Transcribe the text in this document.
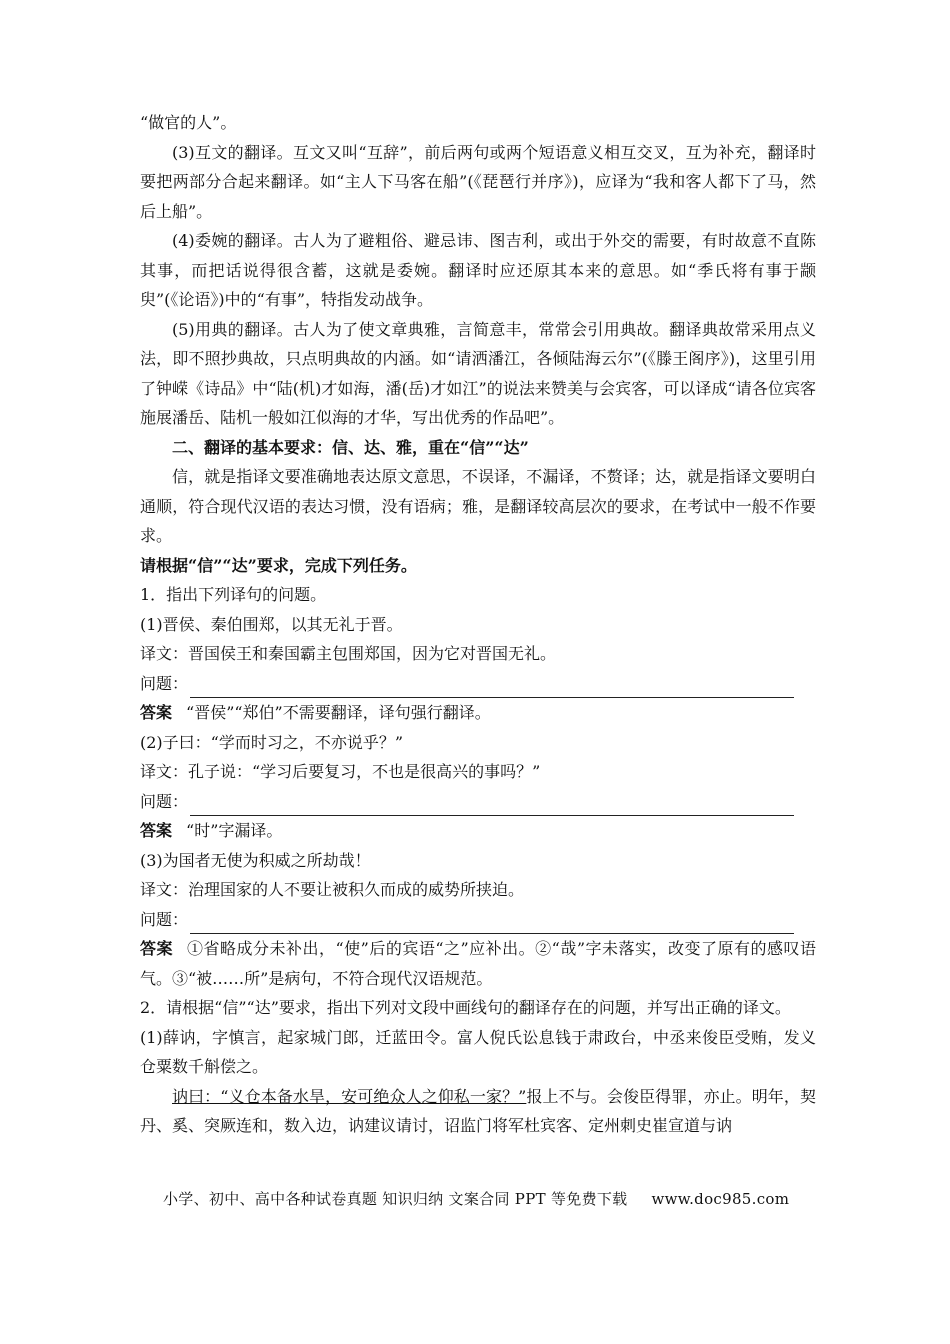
“做官的人”。

(3)互文的翻译。互文又叫“互辞”，前后两句或两个短语意义相互交叉，互为补充，翻译时要把两部分合起来翻译。如“主人下马客在船”(《琵琶行并序》)，应译为“我和客人都下了马，然后上船”。

(4)委婉的翻译。古人为了避粗俗、避忌讳、图吉利，或出于外交的需要，有时故意不直陈其事，而把话说得很含蓄，这就是委婉。翻译时应还原其本来的意思。如“季氏将有事于颛臾”(《论语》)中的“有事”，特指发动战争。

(5)用典的翻译。古人为了使文章典雅，言简意丰，常常会引用典故。翻译典故常采用点义法，即不照抄典故，只点明典故的内涵。如“请洒潘江，各倾陆海云尔”(《滕王阁序》)，这里引用了钟嵘《诗品》中“陆(机)才如海，潘(岳)才如江”的说法来赞美与会宾客，可以译成“请各位宾客施展潘岳、陆机一般如江似海的才华，写出优秀的作品吧”。

二、翻译的基本要求：信、达、雅，重在“信”“达”

信，就是指译文要准确地表达原文意思，不误译，不漏译，不赘译；达，就是指译文要明白通顺，符合现代汉语的表达习惯，没有语病；雅，是翻译较高层次的要求，在考试中一般不作要求。

请根据“信”“达”要求，完成下列任务。

1．指出下列译句的问题。

(1)晋侯、秦伯围郑，以其无礼于晋。

译文：晋国侯王和秦国霸主包围郑国，因为它对晋国无礼。

问题：

答案 “晋侯”“郑伯”不需要翻译，译句强行翻译。

(2)子曰：“学而时习之，不亦说乎？”

译文：孔子说：“学习后要复习，不也是很高兴的事吗？”

问题：

答案 “时”字漏译。

(3)为国者无使为积威之所劫哉！

译文：治理国家的人不要让被积久而成的威势所挟迫。

问题：

答案 ①省略成分未补出，“使”后的宾语“之”应补出。②“哉”字未落实，改变了原有的感叹语气。③“被……所”是病句，不符合现代汉语规范。

2．请根据“信”“达”要求，指出下列对文段中画线句的翻译存在的问题，并写出正确的译文。

(1)薛讷，字慎言，起家城门郎，迁蓝田令。富人倪氏讼息钱于肃政台，中丞来俊臣受贿，发义仓粟数千斛偿之。

讷曰：“义仓本备水旱，安可绝众人之仰私一家？”报上不与。会俊臣得罪，亦止。明年，契丹、奚、突厥连和，数入边，讷建议请讨，诏监门将军杜宾客、定州刺史崔宣道与讷

小学、初中、高中各种试卷真题 知识归纳 文案合同 PPT 等免费下载 www.doc985.com
